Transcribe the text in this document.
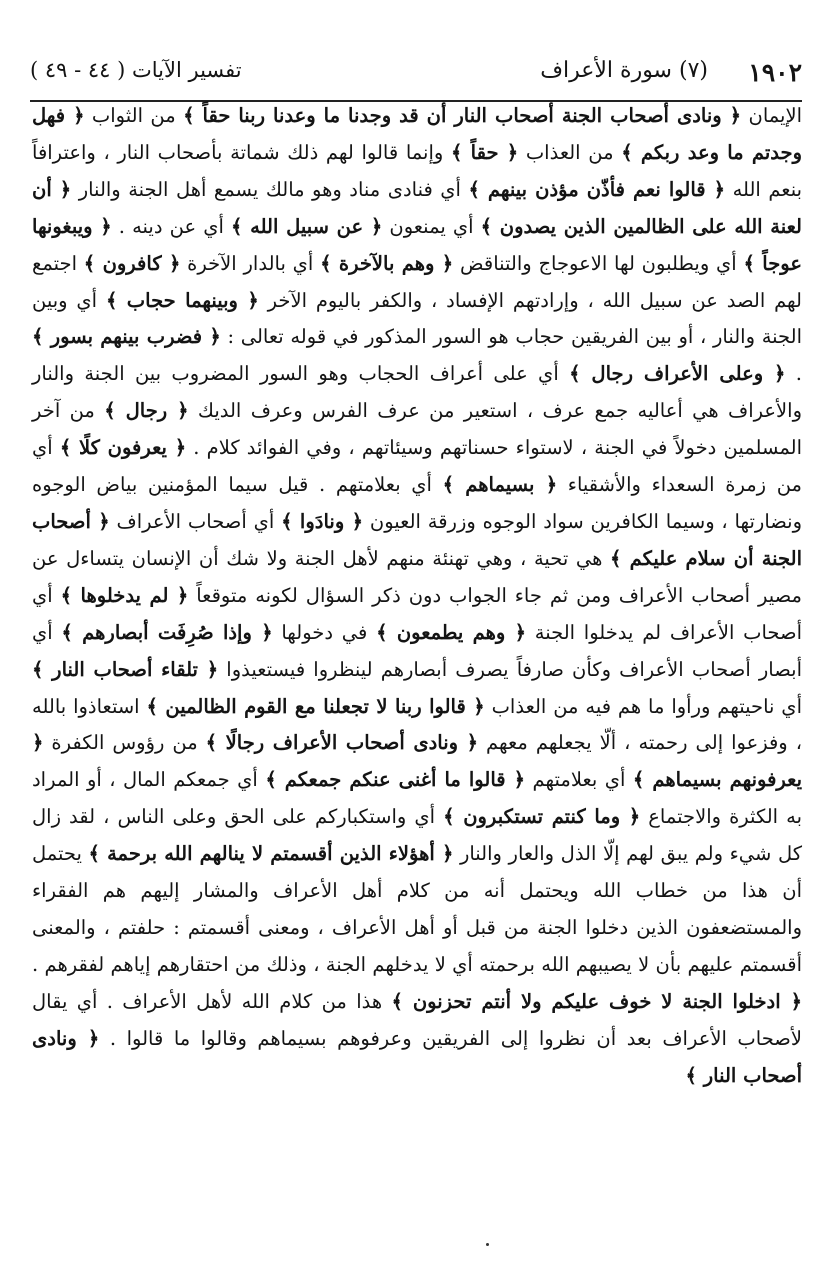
١٩٠٢
(٧) سورة الأعراف
تفسير الآيات ( ٤٤ - ٤٩ )

الإيمان ﴿ ونادى أصحاب الجنة أصحاب النار أن قد وجدنا ما وعدنا ربنا حقاً ﴾ من الثواب ﴿ فهل وجدتم ما وعد ربكم ﴾ من العذاب ﴿ حقاً ﴾ وإنما قالوا لهم ذلك شماتة بأصحاب النار ، واعترافاً بنعم الله ﴿ قالوا نعم فأذّن مؤذن بينهم ﴾ أي فنادى مناد وهو مالك يسمع أهل الجنة والنار ﴿ أن لعنة الله على الظالمين الذين يصدون ﴾ أي يمنعون ﴿ عن سبيل الله ﴾ أي عن دينه . ﴿ ويبغونها عوجاً ﴾ أي ويطلبون لها الاعوجاج والتناقض ﴿ وهم بالآخرة ﴾ أي بالدار الآخرة ﴿ كافرون ﴾ اجتمع لهم الصد عن سبيل الله ، وإرادتهم الإفساد ، والكفر باليوم الآخر ﴿ وبينهما حجاب ﴾ أي وبين الجنة والنار ، أو بين الفريقين حجاب هو السور المذكور في قوله تعالى : ﴿ فضرب بينهم بسور ﴾ . ﴿ وعلى الأعراف رجال ﴾ أي على أعراف الحجاب وهو السور المضروب بين الجنة والنار والأعراف هي أعاليه جمع عرف ، استعير من عرف الفرس وعرف الديك ﴿ رجال ﴾ من آخر المسلمين دخولاً في الجنة ، لاستواء حسناتهم وسيئاتهم ، وفي الفوائد كلام . ﴿ يعرفون كلًا ﴾ أي من زمرة السعداء والأشقياء ﴿ بسيماهم ﴾ أي بعلامتهم . قيل سيما المؤمنين بياض الوجوه ونضارتها ، وسيما الكافرين سواد الوجوه وزرقة العيون ﴿ ونادَوا ﴾ أي أصحاب الأعراف ﴿ أصحاب الجنة أن سلام عليكم ﴾ هي تحية ، وهي تهنئة منهم لأهل الجنة ولا شك أن الإنسان يتساءل عن مصير أصحاب الأعراف ومن ثم جاء الجواب دون ذكر السؤال لكونه متوقعاً ﴿ لم يدخلوها ﴾ أي أصحاب الأعراف لم يدخلوا الجنة ﴿ وهم يطمعون ﴾ في دخولها ﴿ وإذا صُرِفَت أبصارهم ﴾ أي أبصار أصحاب الأعراف وكأن صارفاً يصرف أبصارهم لينظروا فيستعيذوا ﴿ تلقاء أصحاب النار ﴾ أي ناحيتهم ورأوا ما هم فيه من العذاب ﴿ قالوا ربنا لا تجعلنا مع القوم الظالمين ﴾ استعاذوا بالله ، وفزعوا إلى رحمته ، ألّا يجعلهم معهم ﴿ ونادى أصحاب الأعراف رجالًا ﴾ من رؤوس الكفرة ﴿ يعرفونهم بسيماهم ﴾ أي بعلامتهم ﴿ قالوا ما أغنى عنكم جمعكم ﴾ أي جمعكم المال ، أو المراد به الكثرة والاجتماع ﴿ وما كنتم تستكبرون ﴾ أي واستكباركم على الحق وعلى الناس ، لقد زال كل شيء ولم يبق لهم إلّا الذل والعار والنار ﴿ أهؤلاء الذين أقسمتم لا ينالهم الله برحمة ﴾ يحتمل أن هذا من خطاب الله ويحتمل أنه من كلام أهل الأعراف والمشار إليهم هم الفقراء والمستضعفون الذين دخلوا الجنة من قبل أو أهل الأعراف ، ومعنى أقسمتم : حلفتم ، والمعنى أقسمتم عليهم بأن لا يصيبهم الله برحمته أي لا يدخلهم الجنة ، وذلك من احتقارهم إياهم لفقرهم . ﴿ ادخلوا الجنة لا خوف عليكم ولا أنتم تحزنون ﴾ هذا من كلام الله لأهل الأعراف . أي يقال لأصحاب الأعراف بعد أن نظروا إلى الفريقين وعرفوهم بسيماهم وقالوا ما قالوا . ﴿ ونادى أصحاب النار ﴾
